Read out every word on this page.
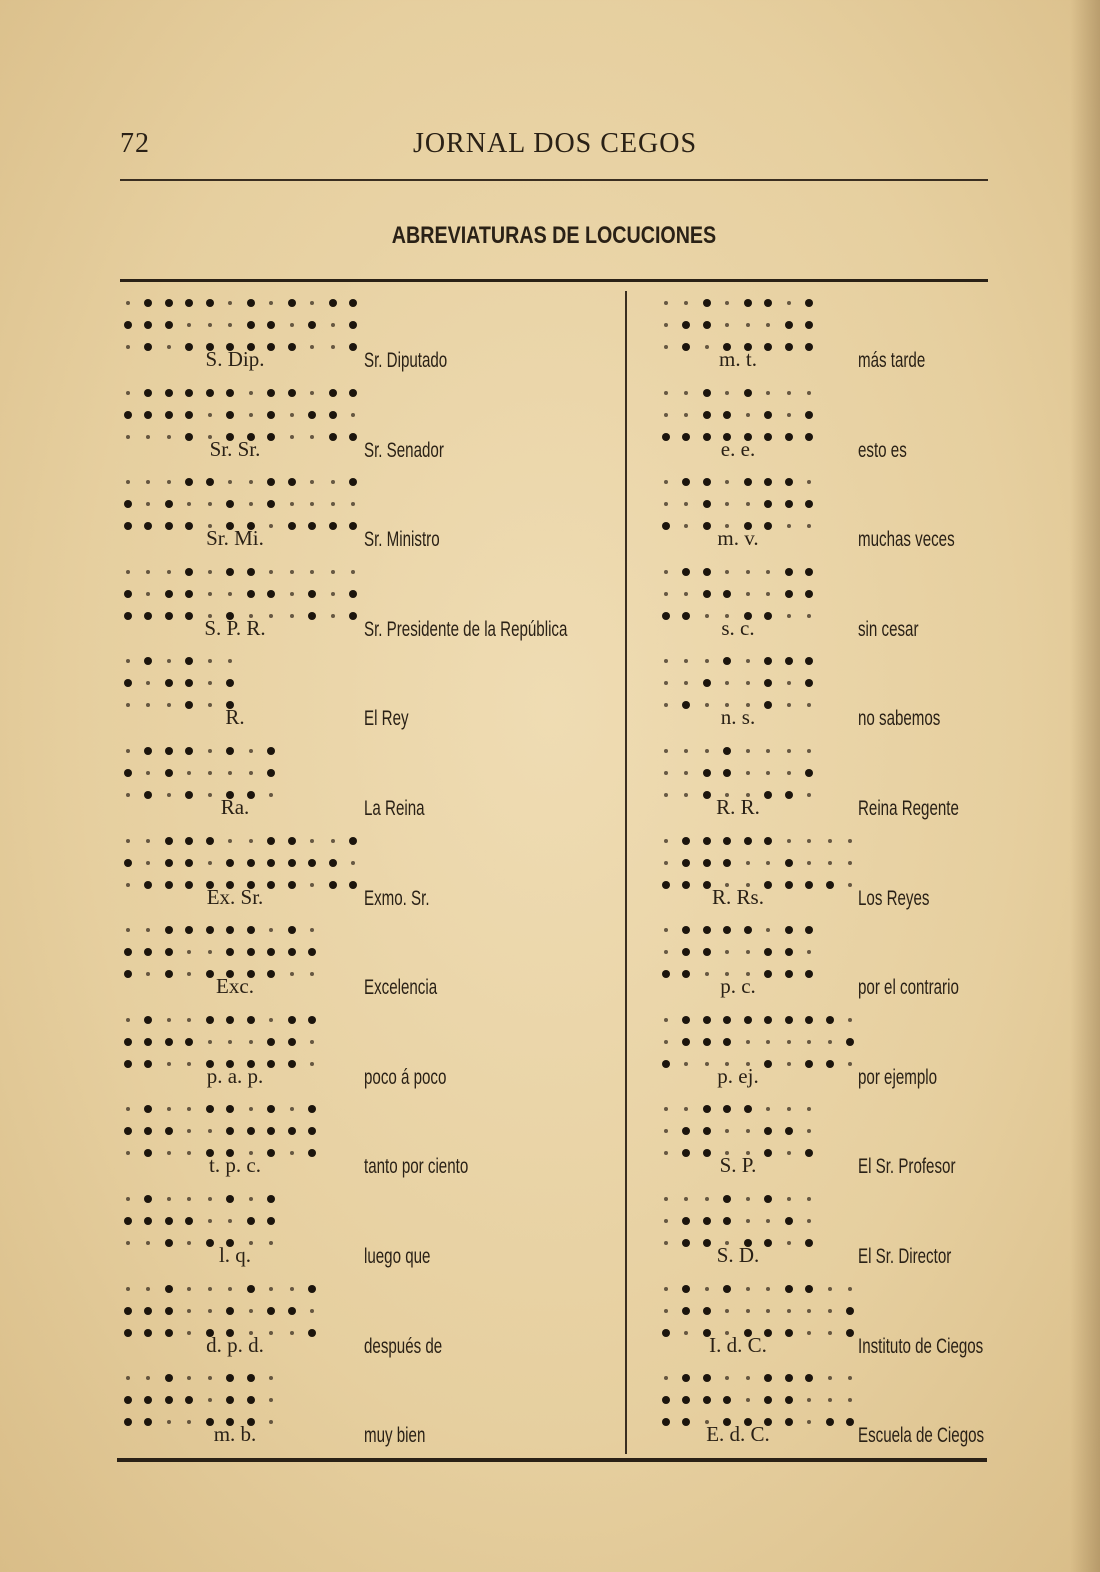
72	JORNAL DOS CEGOS
ABREVIATURAS DE LOCUCIONES
S. Dip.	Sr. Diputado
Sr. Sr.	Sr. Senador
Sr. Mi.	Sr. Ministro
S. P. R.	Sr. Presidente de la República
R.	El Rey
Ra.	La Reina
Ex. Sr.	Exmo. Sr.
Exc.	Excelencia
p. a. p.	poco á poco
t. p. c.	tanto por ciento
l. q.	luego que
d. p. d.	después de
m. b.	muy bien
m. t.	más tarde
e. e.	esto es
m. v.	muchas veces
s. c.	sin cesar
n. s.	no sabemos
R. R.	Reina Regente
R. Rs.	Los Reyes
p. c.	por el contrario
p. ej.	por ejemplo
S. P.	El Sr. Profesor
S. D.	El Sr. Director
I. d. C.	Instituto de Ciegos
E. d. C.	Escuela de Ciegos
